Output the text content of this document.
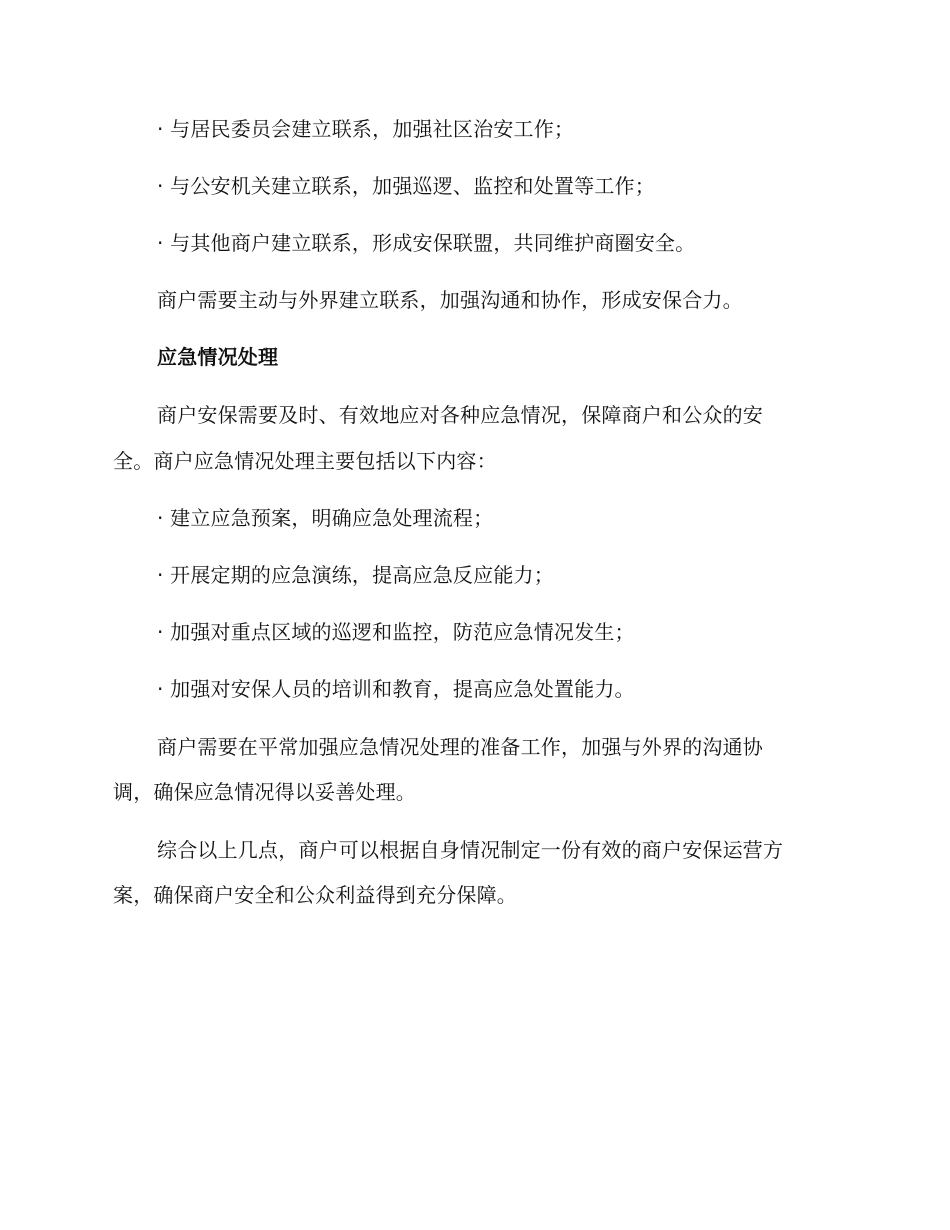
· 与居民委员会建立联系，加强社区治安工作；
· 与公安机关建立联系，加强巡逻、监控和处置等工作；
· 与其他商户建立联系，形成安保联盟，共同维护商圈安全。
商户需要主动与外界建立联系，加强沟通和协作，形成安保合力。
应急情况处理
商户安保需要及时、有效地应对各种应急情况，保障商户和公众的安
全。商户应急情况处理主要包括以下内容：
· 建立应急预案，明确应急处理流程；
· 开展定期的应急演练，提高应急反应能力；
· 加强对重点区域的巡逻和监控，防范应急情况发生；
· 加强对安保人员的培训和教育，提高应急处置能力。
商户需要在平常加强应急情况处理的准备工作，加强与外界的沟通协
调，确保应急情况得以妥善处理。
综合以上几点，商户可以根据自身情况制定一份有效的商户安保运营方
案，确保商户安全和公众利益得到充分保障。
